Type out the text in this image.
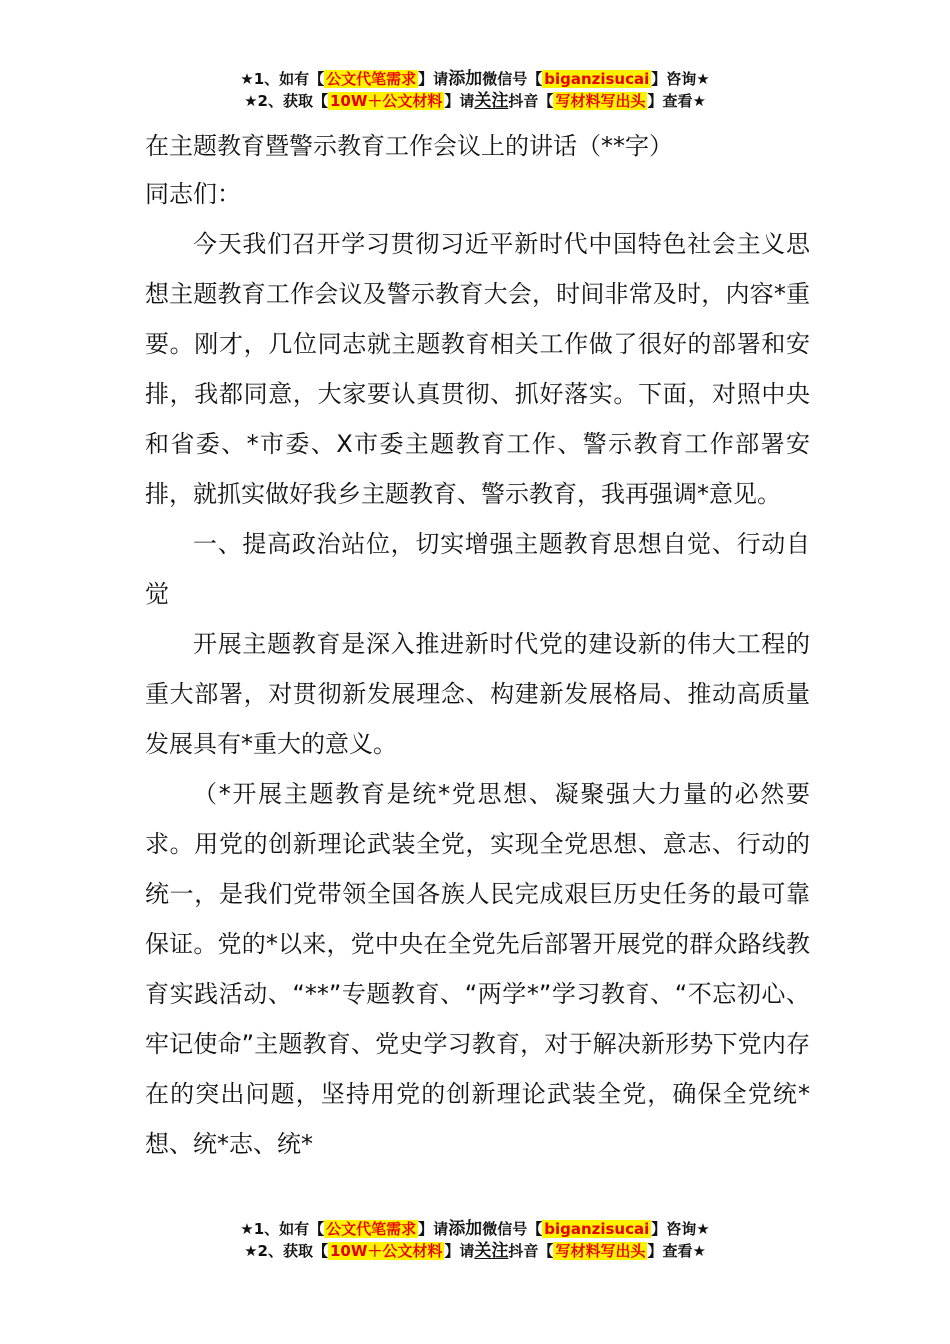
★1、如有【 公文代笔需求 】请添加微信号【 biganzisucai 】咨询★
★2、获取【 10W＋公文材料 】请关注抖音【 写材料写出头 】查看★

在主题教育暨警示教育工作会议上的讲话（**字）

同志们：

今天我们召开学习贯彻习近平新时代中国特色社会主义思想主题教育工作会议及警示教育大会，时间非常及时，内容*重要。刚才，几位同志就主题教育相关工作做了很好的部署和安排，我都同意，大家要认真贯彻、抓好落实。下面，对照中央和省委、*市委、X市委主题教育工作、警示教育工作部署安排，就抓实做好我乡主题教育、警示教育，我再强调*意见。

一、提高政治站位，切实增强主题教育思想自觉、行动自觉

开展主题教育是深入推进新时代党的建设新的伟大工程的重大部署，对贯彻新发展理念、构建新发展格局、推动高质量发展具有*重大的意义。

（*开展主题教育是统*党思想、凝聚强大力量的必然要求。用党的创新理论武装全党，实现全党思想、意志、行动的统一，是我们党带领全国各族人民完成艰巨历史任务的最可靠保证。党的*以来，党中央在全党先后部署开展党的群众路线教育实践活动、“**”专题教育、“两学*”学习教育、“不忘初心、牢记使命”主题教育、党史学习教育，对于解决新形势下党内存在的突出问题，坚持用党的创新理论武装全党，确保全党统*想、统*志、统*

★1、如有【 公文代笔需求 】请添加微信号【 biganzisucai 】咨询★
★2、获取【 10W＋公文材料 】请关注抖音【 写材料写出头 】查看★
